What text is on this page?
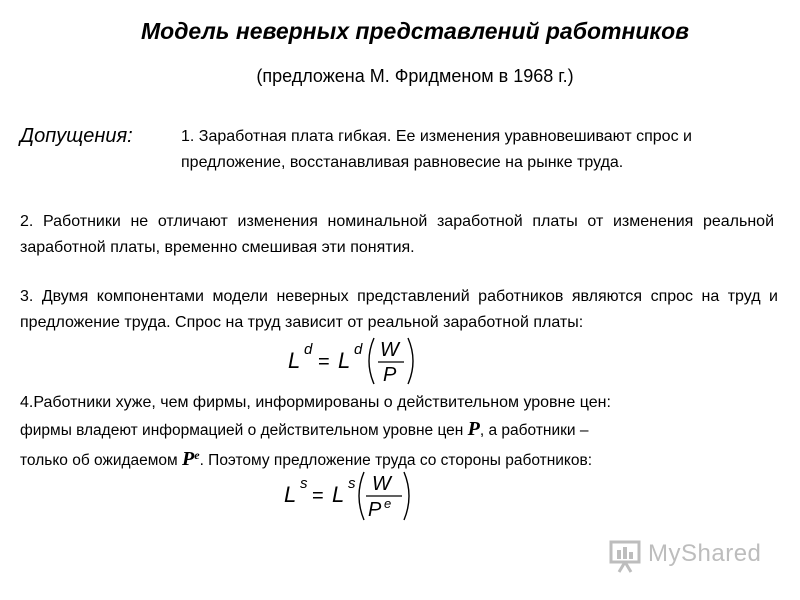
Модель неверных представлений работников
(предложена М. Фридменом в 1968 г.)
Допущения:	1. Заработная плата гибкая. Ее изменения уравновешивают спрос и предложение, восстанавливая равновесие на рынке труда.
2. Работники не отличают изменения номинальной заработной платы от изменения реальной заработной платы, временно смешивая эти понятия.
3. Двумя компонентами модели неверных представлений работников являются спрос на труд и предложение труда. Спрос на труд зависит от реальной заработной платы:
L d
= L d W
P
4.Работники хуже, чем фирмы, информированы о действительном уровне цен:
фирмы владеют информацией о действительном уровне цен P, а работники –
только об ожидаемом $P^е$. Поэтому предложение труда со стороны работников:
L s
= L s W
P e
MyShared
